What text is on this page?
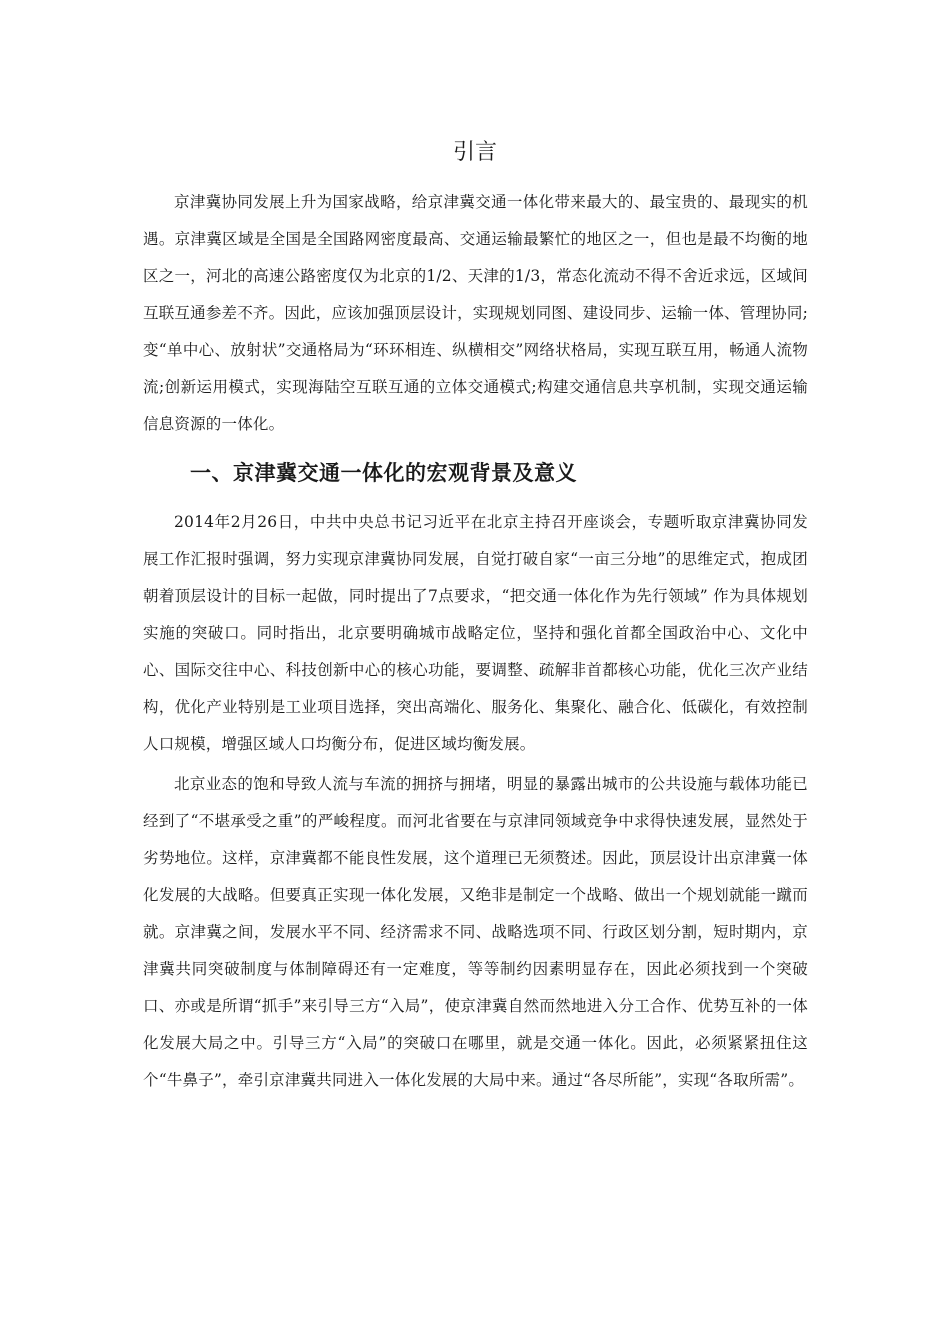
引言

京津冀协同发展上升为国家战略，给京津冀交通一体化带来最大的、最宝贵的、最现实的机遇。京津冀区域是全国是全国路网密度最高、交通运输最繁忙的地区之一，但也是最不均衡的地区之一，河北的高速公路密度仅为北京的1/2、天津的1/3，常态化流动不得不舍近求远，区域间互联互通参差不齐。因此，应该加强顶层设计，实现规划同图、建设同步、运输一体、管理协同;变“单中心、放射状”交通格局为“环环相连、纵横相交”网络状格局，实现互联互用，畅通人流物流;创新运用模式，实现海陆空互联互通的立体交通模式;构建交通信息共享机制，实现交通运输信息资源的一体化。

一、京津冀交通一体化的宏观背景及意义

2014年2月26日，中共中央总书记习近平在北京主持召开座谈会，专题听取京津冀协同发展工作汇报时强调，努力实现京津冀协同发展，自觉打破自家“一亩三分地”的思维定式，抱成团朝着顶层设计的目标一起做，同时提出了7点要求，“把交通一体化作为先行领域” 作为具体规划实施的突破口。同时指出，北京要明确城市战略定位，坚持和强化首都全国政治中心、文化中心、国际交往中心、科技创新中心的核心功能，要调整、疏解非首都核心功能，优化三次产业结构，优化产业特别是工业项目选择，突出高端化、服务化、集聚化、融合化、低碳化，有效控制人口规模，增强区域人口均衡分布，促进区域均衡发展。

北京业态的饱和导致人流与车流的拥挤与拥堵，明显的暴露出城市的公共设施与载体功能已经到了“不堪承受之重”的严峻程度。而河北省要在与京津同领域竞争中求得快速发展，显然处于劣势地位。这样，京津冀都不能良性发展，这个道理已无须赘述。因此，顶层设计出京津冀一体化发展的大战略。但要真正实现一体化发展，又绝非是制定一个战略、做出一个规划就能一蹴而就。京津冀之间，发展水平不同、经济需求不同、战略选项不同、行政区划分割，短时期内，京津冀共同突破制度与体制障碍还有一定难度，等等制约因素明显存在，因此必须找到一个突破口、亦或是所谓“抓手”来引导三方“入局”，使京津冀自然而然地进入分工合作、优势互补的一体化发展大局之中。引导三方“入局”的突破口在哪里，就是交通一体化。因此，必须紧紧扭住这个“牛鼻子”，牵引京津冀共同进入一体化发展的大局中来。通过“各尽所能”，实现“各取所需”。
